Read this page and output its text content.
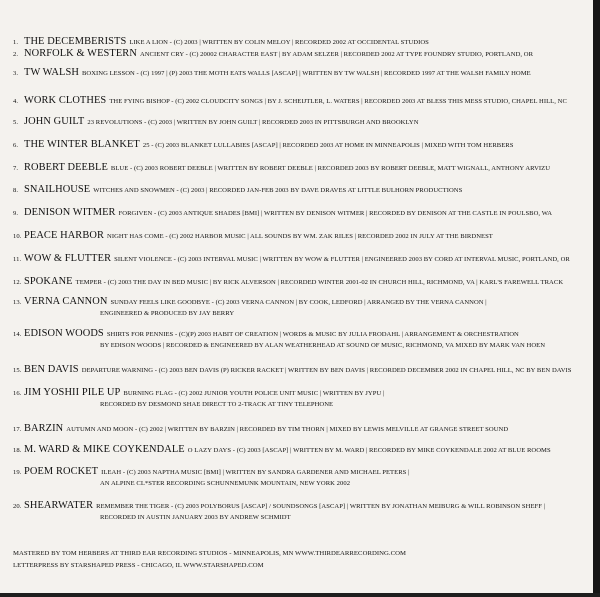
1. THE DECEMBERISTS LIKE A LION - (C) 2003 | WRITTEN BY COLIN MELOY | RECORDED 2002 AT OCCIDENTAL STUDIOS
2. NORFOLK & WESTERN ANCIENT CRY - (C) 20002 CHARACTER EAST | BY ADAM SELZER | RECORDED 2002 AT TYPE FOUNDRY STUDIO, PORTLAND, OR
3. TW WALSH BOXING LESSON - (C) 1997 | (P) 2003 THE MOTH EATS WALLS [ASCAP] | WRITTEN BY TW WALSH | RECORDED 1997 AT THE WALSH FAMILY HOME
4. WORK CLOTHES THE FYING BISHOP - (C) 2002 CLOUDCITY SONGS | BY J. SCHEIJTLER, L. WATERS | RECORDED 2003 AT BLESS THIS MESS STUDIO, CHAPEL HILL, NC
5. JOHN GUILT 23 REVOLUTIONS - (C) 2003 | WRITTEN BY JOHN GUILT | RECORDED 2003 IN PITTSBURGH AND BROOKLYN
6. THE WINTER BLANKET 25 - (C) 2003 BLANKET LULLABIES [ASCAP] | RECORDED 2003 AT HOME IN MINNEAPOLIS | MIXED WITH TOM HERBERS
7. ROBERT DEEBLE BLUE - (C) 2003 ROBERT DEEBLE | WRITTEN BY ROBERT DEEBLE | RECORDED 2003 BY ROBERT DEEBLE, MATT WIGNALL, ANTHONY ARVIZU
8. SNAILHOUSE WITCHES AND SNOWMEN - (C) 2003 | RECORDED JAN-FEB 2003 BY DAVE DRAVES AT LITTLE BULHORN PRODUCTIONS
9. DENISON WITMER FORGIVEN - (C) 2003 ANTIQUE SHADES [BMI] | WRITTEN BY DENISON WITMER | RECORDED BY DENISON AT THE CASTLE IN POULSBO, WA
10. PEACE HARBOR NIGHT HAS COME - (C) 2002 HARBOR MUSIC | ALL SOUNDS BY WM. ZAK RILES | RECORDED 2002 IN JULY AT THE BIRDNEST
11. WOW & FLUTTER SILENT VIOLENCE - (C) 2003 INTERVAL MUSIC | WRITTEN BY WOW & FLUTTER | ENGINEERED 2003 BY CORD AT INTERVAL MUSIC, PORTLAND, OR
12. SPOKANE TEMPER - (C) 2003 THE DAY IN BED MUSIC | BY RICK ALVERSON | RECORDED WINTER 2001-02 IN CHURCH HILL, RICHMOND, VA | KARL'S FAREWELL TRACK
13. VERNA CANNON SUNDAY FEELS LIKE GOODBYE - (C) 2003 VERNA CANNON | BY COOK, LEDFORD | ARRANGED BY THE VERNA CANNON |
ENGINEERED & PRODUCED BY JAY BERRY
14. EDISON WOODS SHIRTS FOR PENNIES - (C)(P) 2003 HABIT OF CREATION | WORDS & MUSIC BY JULIA FRODAHL | ARRANGEMENT & ORCHESTRATION
BY EDISON WOODS | RECORDED & ENGINEERED BY ALAN WEATHERHEAD AT SOUND OF MUSIC, RICHMOND, VA MIXED BY MARK VAN HOEN
15. BEN DAVIS DEPARTURE WARNING - (C) 2003 BEN DAVIS (P) RICKER RACKET | WRITTEN BY BEN DAVIS | RECORDED DECEMBER 2002 IN CHAPEL HILL, NC BY BEN DAVIS
16. JIM YOSHII PILE UP BURNING FLAG - (C) 2002 JUNIOR YOUTH POLICE UNIT MUSIC | WRITTEN BY JYPU |
RECORDED BY DESMOND SHAE DIRECT TO 2-TRACK AT TINY TELEPHONE
17. BARZIN AUTUMN AND MOON - (C) 2002 | WRITTEN BY BARZIN | RECORDED BY TIM THORN | MIXED BY LEWIS MELVILLE AT GRANGE STREET SOUND
18. M. WARD & MIKE COYKENDALE O LAZY DAYS - (C) 2003 [ASCAP] | WRITTEN BY M. WARD | RECORDED BY MIKE COYKENDALE 2002 AT BLUE ROOMS
19. POEM ROCKET ILEAH - (C) 2003 NAPTHA MUSIC [BMI] | WRITTEN BY SANDRA GARDENER AND MICHAEL PETERS |
AN ALPINE CL*STER RECORDING SCHUNNEMUNK MOUNTAIN, NEW YORK 2002
20. SHEARWATER REMEMBER THE TIGER - (C) 2003 POLYBORUS [ASCAP] / SOUNDSONGS [ASCAP] | WRITTEN BY JONATHAN MEIBURG & WILL ROBINSON SHEFF |
RECORDED IN AUSTIN JANUARY 2003 BY ANDREW SCHMIDT
MASTERED BY TOM HERBERS AT THIRD EAR RECORDING STUDIOS - MINNEAPOLIS, MN WWW.THIRDEARRECORDING.COM
LETTERPRESS BY STARSHAPED PRESS - CHICAGO, IL WWW.STARSHAPED.COM
